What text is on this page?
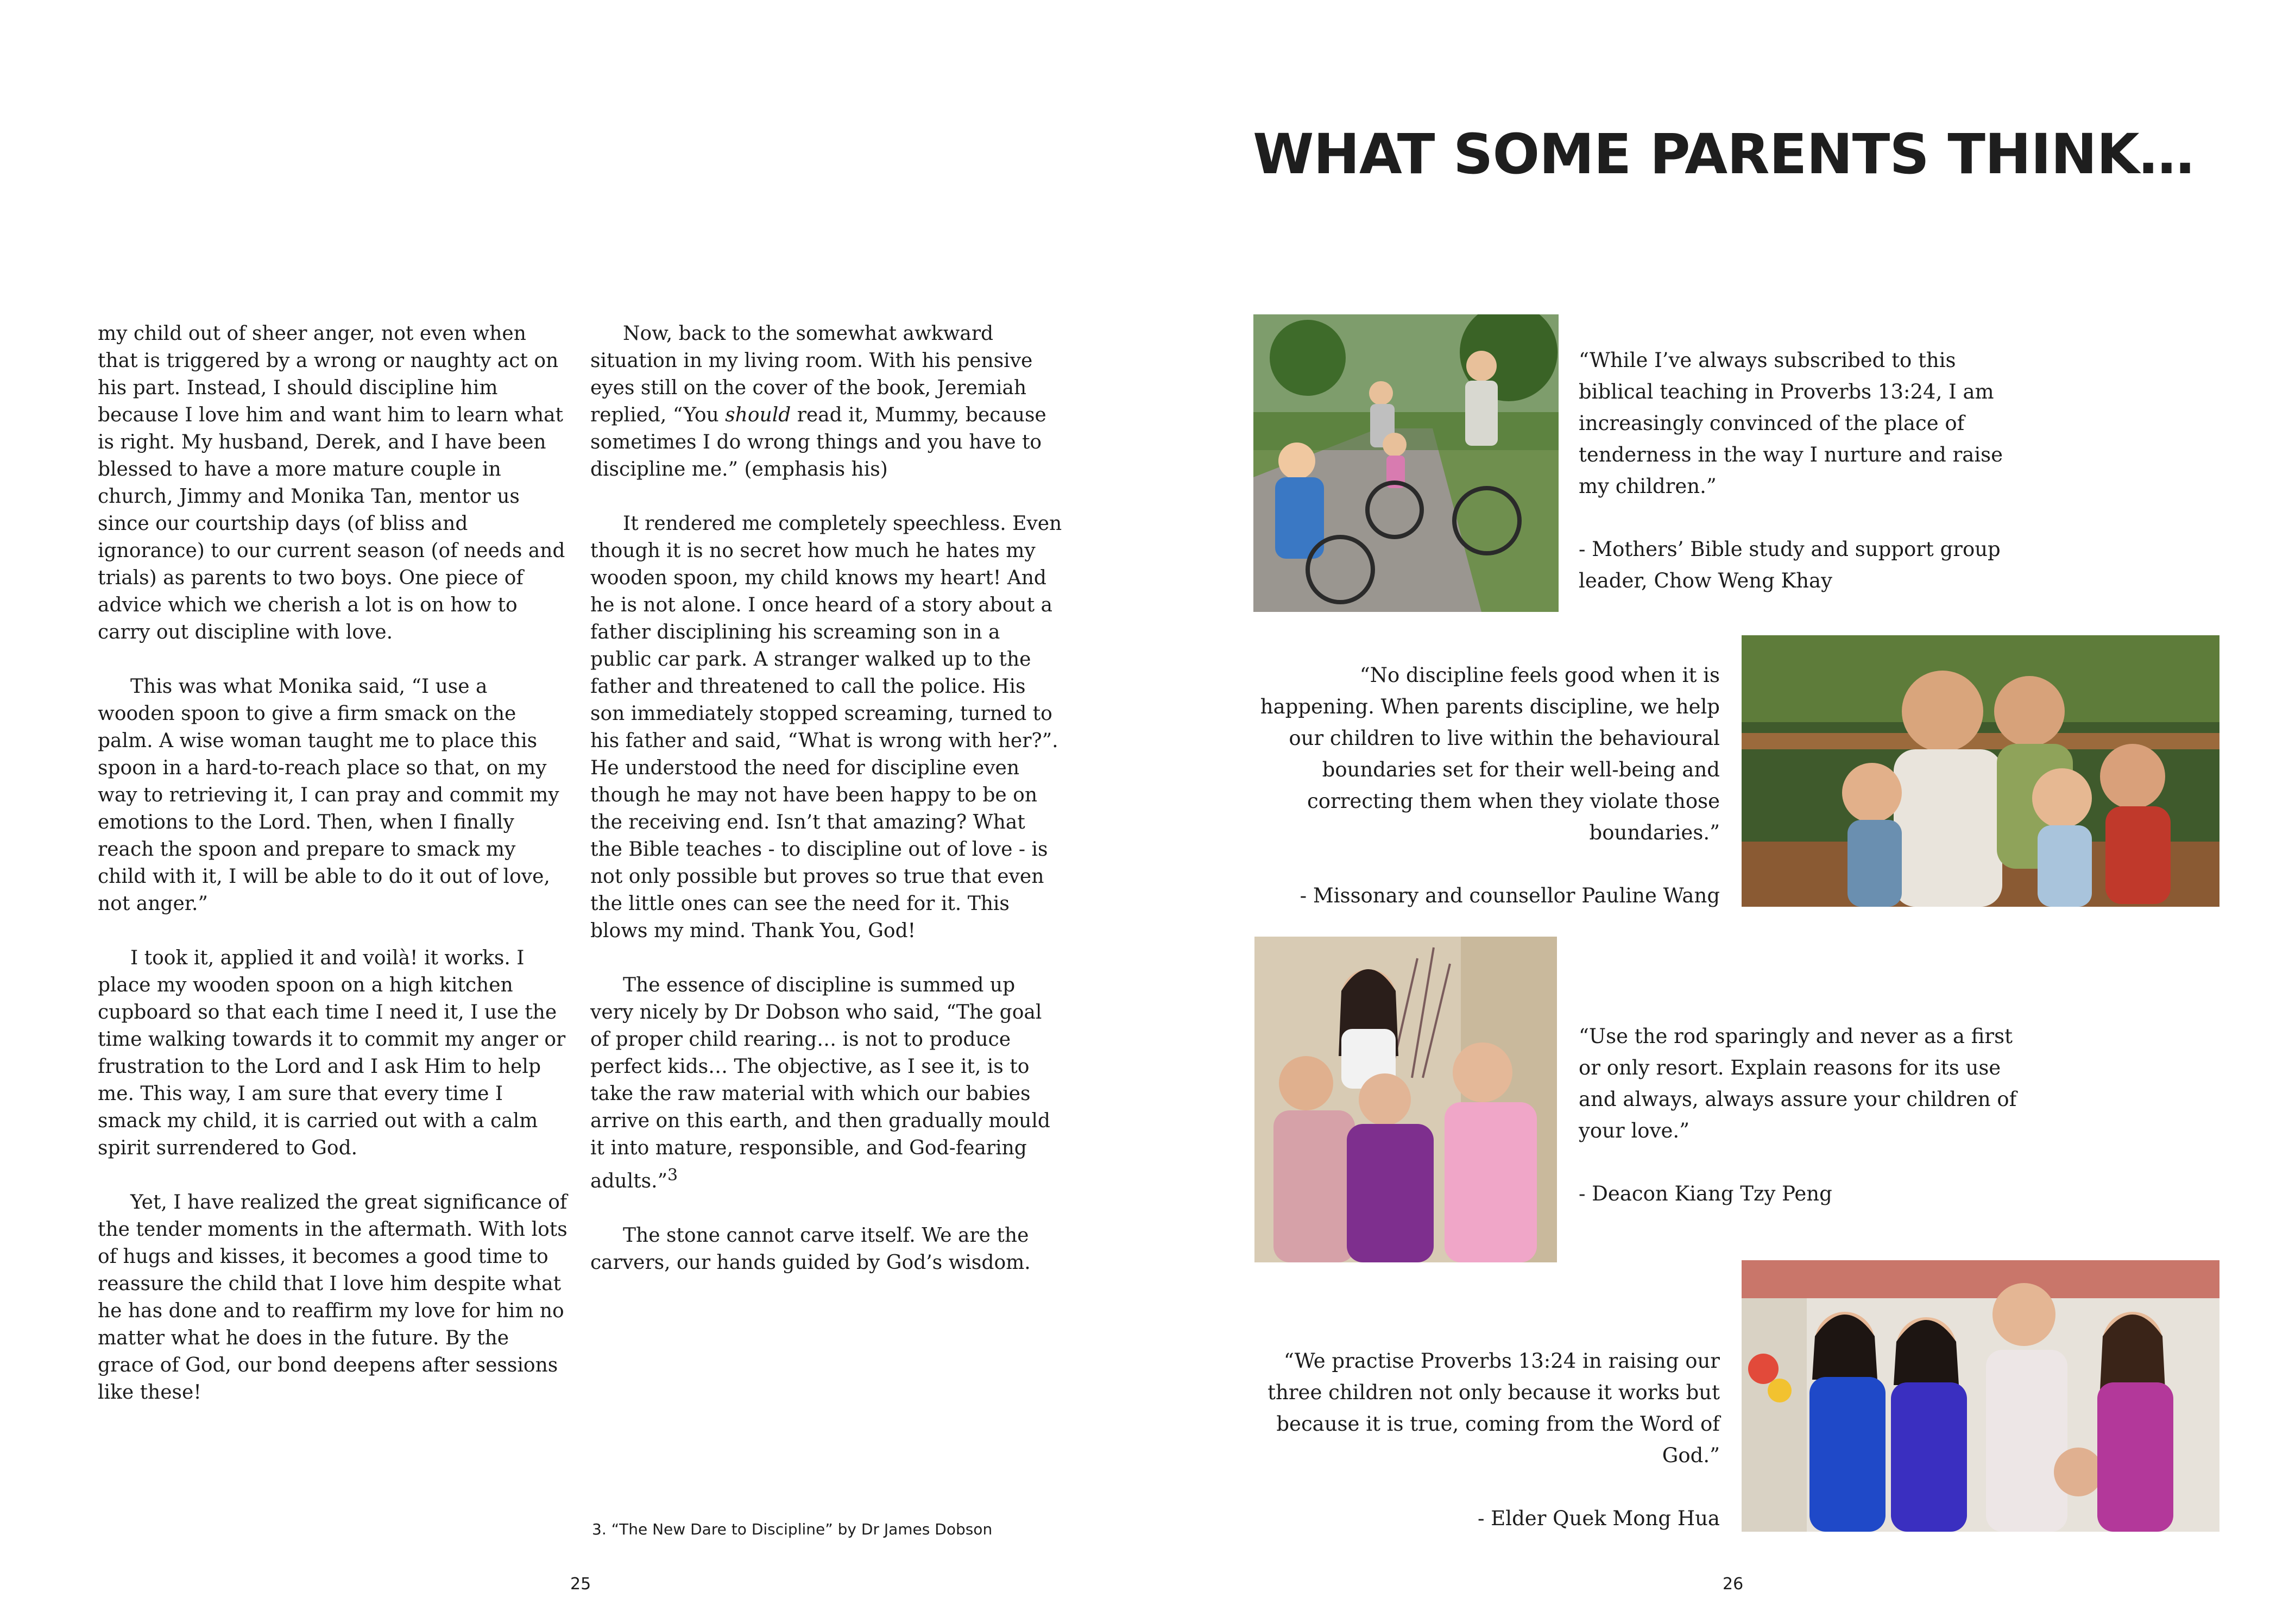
my child out of sheer anger, not even when that is triggered by a wrong or naughty act on his part. Instead, I should discipline him because I love him and want him to learn what is right. My husband, Derek, and I have been blessed to have a more mature couple in church, Jimmy and Monika Tan, mentor us since our courtship days (of bliss and ignorance) to our current season (of needs and trials) as parents to two boys. One piece of advice which we cherish a lot is on how to carry out discipline with love.

This was what Monika said, “I use a wooden spoon to give a firm smack on the palm. A wise woman taught me to place this spoon in a hard-to-reach place so that, on my way to retrieving it, I can pray and commit my emotions to the Lord. Then, when I finally reach the spoon and prepare to smack my child with it, I will be able to do it out of love, not anger.”

I took it, applied it and voilà! it works. I place my wooden spoon on a high kitchen cupboard so that each time I need it, I use the time walking towards it to commit my anger or frustration to the Lord and I ask Him to help me. This way, I am sure that every time I smack my child, it is carried out with a calm spirit surrendered to God.

Yet, I have realized the great significance of the tender moments in the aftermath. With lots of hugs and kisses, it becomes a good time to reassure the child that I love him despite what he has done and to reaffirm my love for him no matter what he does in the future. By the grace of God, our bond deepens after sessions like these!

Now, back to the somewhat awkward situation in my living room. With his pensive eyes still on the cover of the book, Jeremiah replied, “You should read it, Mummy, because sometimes I do wrong things and you have to discipline me.” (emphasis his)

It rendered me completely speechless. Even though it is no secret how much he hates my wooden spoon, my child knows my heart! And he is not alone. I once heard of a story about a father disciplining his screaming son in a public car park. A stranger walked up to the father and threatened to call the police. His son immediately stopped screaming, turned to his father and said, “What is wrong with her?”. He understood the need for discipline even though he may not have been happy to be on the receiving end. Isn’t that amazing? What the Bible teaches - to discipline out of love - is not only possible but proves so true that even the little ones can see the need for it. This blows my mind. Thank You, God!

The essence of discipline is summed up very nicely by Dr Dobson who said, “The goal of proper child rearing… is not to produce perfect kids… The objective, as I see it, is to take the raw material with which our babies arrive on this earth, and then gradually mould it into mature, responsible, and God-fearing adults.”$^3$

The stone cannot carve itself. We are the carvers, our hands guided by God’s wisdom.

3. “The New Dare to Discipline” by Dr James Dobson
25
WHAT SOME PARENTS THINK…

“While I’ve always subscribed to this biblical teaching in Proverbs 13:24, I am increasingly convinced of the place of tenderness in the way I nurture and raise my children.”

- Mothers’ Bible study and support group leader, Chow Weng Khay

“No discipline feels good when it is happening. When parents discipline, we help our children to live within the behavioural boundaries set for their well-being and correcting them when they violate those boundaries.”

- Missonary and counsellor Pauline Wang

“Use the rod sparingly and never as a first or only resort. Explain reasons for its use and always, always assure your children of your love.”

- Deacon Kiang Tzy Peng

“We practise Proverbs 13:24 in raising our three children not only because it works but because it is true, coming from the Word of God.”

- Elder Quek Mong Hua

26
